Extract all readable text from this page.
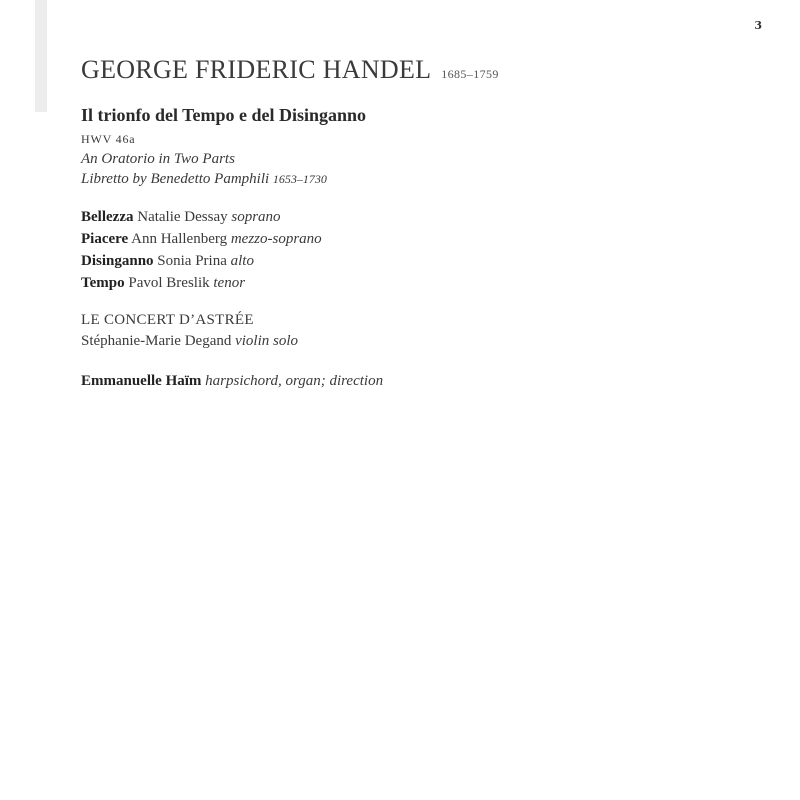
3
GEORGE FRIDERIC HANDEL 1685–1759
Il trionfo del Tempo e del Disinganno
HWV 46a
An Oratorio in Two Parts
Libretto by Benedetto Pamphili 1653–1730
Bellezza Natalie Dessay soprano
Piacere Ann Hallenberg mezzo-soprano
Disinganno Sonia Prina alto
Tempo Pavol Breslik tenor
LE CONCERT D’ASTRÉE
Stéphanie-Marie Degand violin solo
Emmanuelle Haïm harpsichord, organ; direction
